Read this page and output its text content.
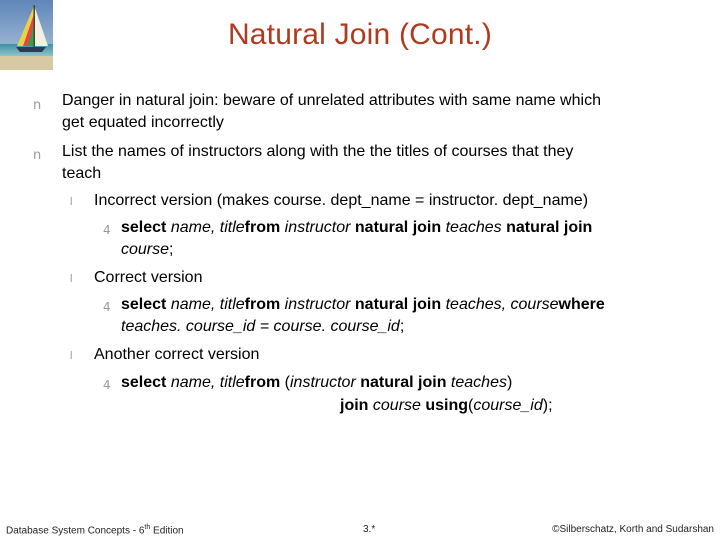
Natural Join (Cont.)
n Danger in natural join: beware of unrelated attributes with same name which
get equated incorrectly
n List the names of instructors along with the the titles of courses that they
teach
l Incorrect version (makes course. dept_name = instructor. dept_name)
4 select name, titlefrom instructor natural join teaches natural join
course;
l Correct version
4 select name, titlefrom instructor natural join teaches, coursewhere
teaches. course_id = course. course_id;
l Another correct version
4 select name, titlefrom (instructor natural join teaches)
join course using(course_id);
Database System Concepts - 6th Edition	3.*	©Silberschatz, Korth and Sudarshan
